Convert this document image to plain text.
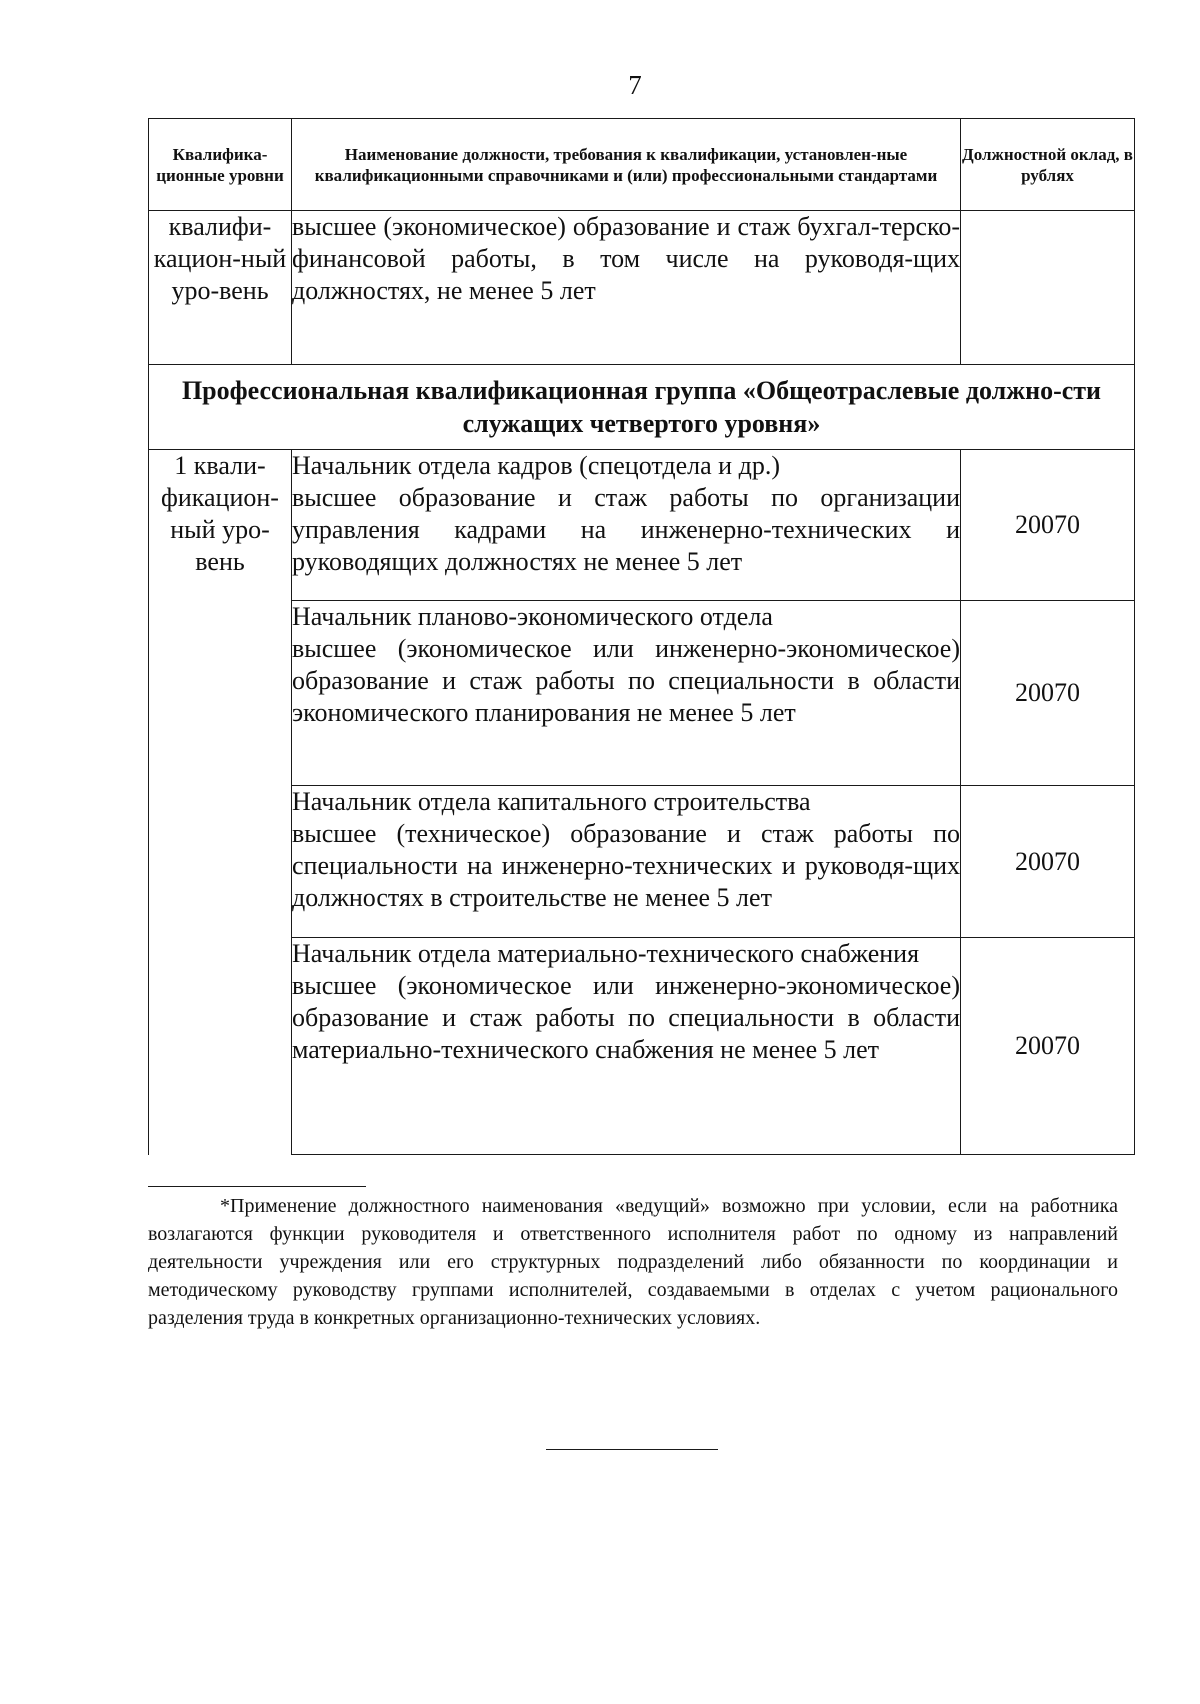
7
Квалифика-ционные уровни	Наименование должности, требования к квалификации, установлен-ные квалификационными справочниками и (или) профессиональными стандартами	Должностной оклад, в рублях
квалифи-кацион-ный уро-вень	высшее (экономическое) образование и стаж бухгал-терско-финансовой работы, в том числе на руководя-щих должностях, не менее 5 лет	

Профессиональная квалификационная группа «Общеотраслевые должно-сти служащих четвертого уровня»		
1 квали-фикацион-ный уро-вень	Начальник отдела кадров (спецотдела и др.)
высшее образование и стаж работы по организации управления кадрами на инженерно-технических и руководящих должностях не менее 5 лет	20070

	Начальник планово-экономического отдела
высшее (экономическое или инженерно-экономическое) образование и стаж работы по специальности в области экономического планирования не менее 5 лет	20070

	Начальник отдела капитального строительства
высшее (техническое) образование и стаж работы по специальности на инженерно-технических и руководя-щих должностях в строительстве не менее 5 лет	20070

	Начальник отдела материально-технического снабжения
высшее (экономическое или инженерно-экономическое) образование и стаж работы по специальности в области материально-технического снабжения не менее 5 лет	20070
*Применение должностного наименования «ведущий» возможно при условии, если на работника возлагаются функции руководителя и ответственного исполнителя работ по одному из направлений деятельности учреждения или его структурных подразделений либо обязанности по координации и методическому руководству группами исполнителей, создаваемыми в отделах с учетом рационального разделения труда в конкретных организационно-технических условиях.
